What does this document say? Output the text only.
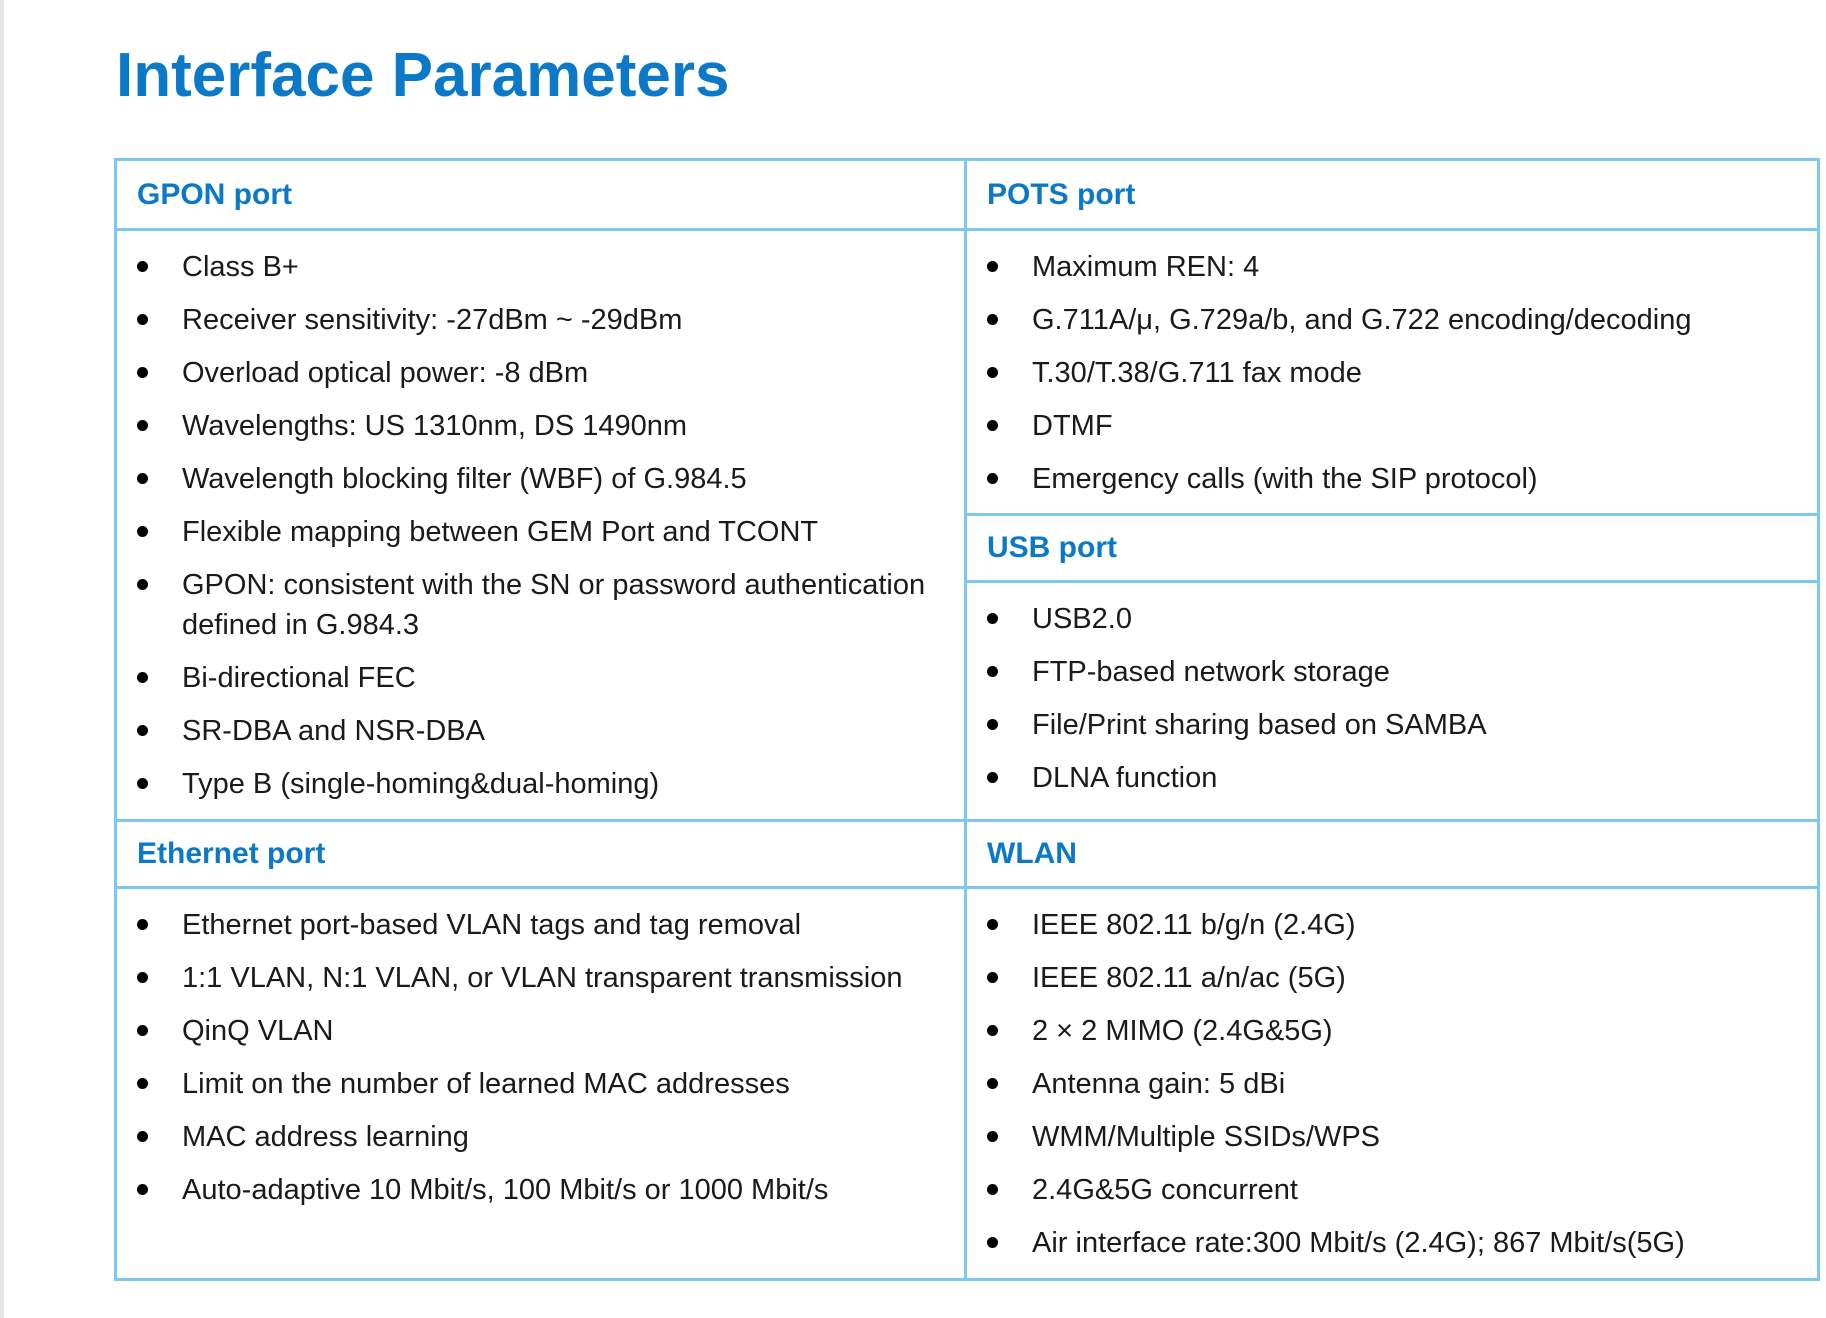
Interface Parameters
GPON port
Class B+
Receiver sensitivity: -27dBm ~ -29dBm
Overload optical power: -8 dBm
Wavelengths: US 1310nm, DS 1490nm
Wavelength blocking filter (WBF) of G.984.5
Flexible mapping between GEM Port and TCONT
GPON: consistent with the SN or password authentication defined in G.984.3
Bi-directional FEC
SR-DBA and NSR-DBA
Type B (single-homing&dual-homing)
POTS port
Maximum REN: 4
G.711A/μ, G.729a/b, and G.722 encoding/decoding
T.30/T.38/G.711 fax mode
DTMF
Emergency calls (with the SIP protocol)
USB port
USB2.0
FTP-based network storage
File/Print sharing based on SAMBA
DLNA function
Ethernet port
Ethernet port-based VLAN tags and tag removal
1:1 VLAN, N:1 VLAN, or VLAN transparent transmission
QinQ VLAN
Limit on the number of learned MAC addresses
MAC address learning
Auto-adaptive 10 Mbit/s, 100 Mbit/s or 1000 Mbit/s
WLAN
IEEE 802.11 b/g/n (2.4G)
IEEE 802.11 a/n/ac (5G)
2 × 2 MIMO (2.4G&5G)
Antenna gain: 5 dBi
WMM/Multiple SSIDs/WPS
2.4G&5G concurrent
Air interface rate:300 Mbit/s (2.4G); 867 Mbit/s(5G)
